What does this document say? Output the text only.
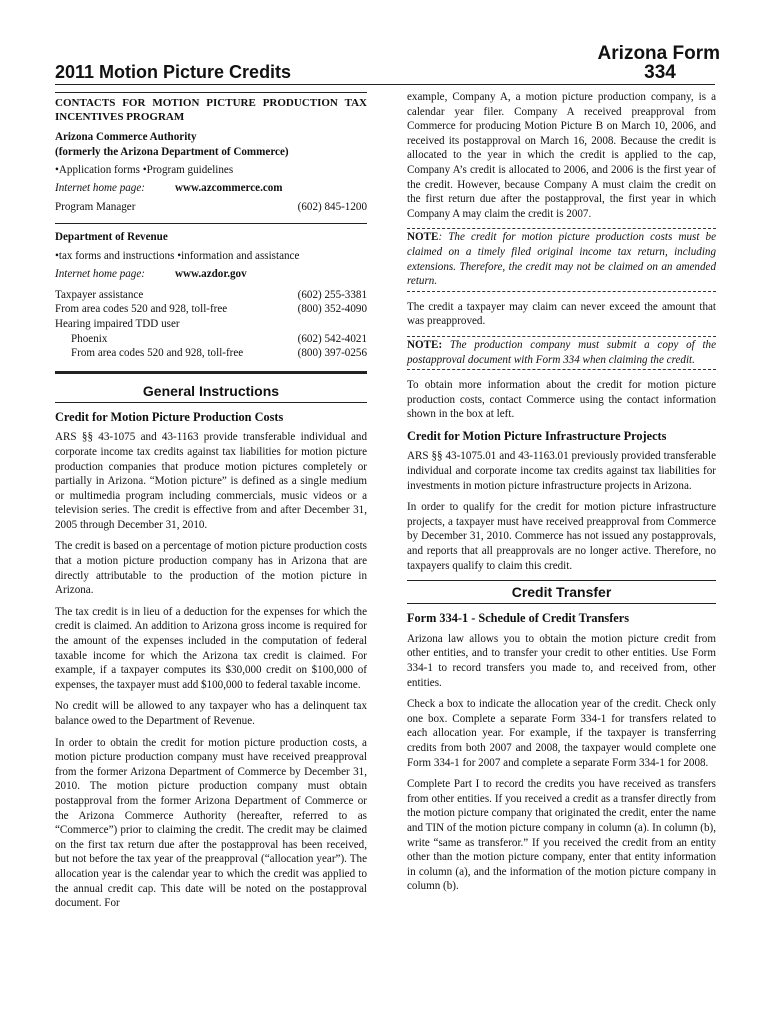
2011 Motion Picture Credits
Arizona Form
334
CONTACTS FOR MOTION PICTURE PRODUCTION TAX INCENTIVES PROGRAM
Arizona Commerce Authority
(formerly the Arizona Department of Commerce)
•Application forms •Program guidelines
Internet home page:	www.azcommerce.com
Program Manager	(602) 845-1200
Department of Revenue
•tax forms and instructions •information and assistance
Internet home page:	www.azdor.gov
Taxpayer assistance	(602) 255-3381
From area codes 520 and 928, toll-free	(800) 352-4090
Hearing impaired TDD user
Phoenix	(602) 542-4021
From area codes 520 and 928, toll-free	(800) 397-0256
General Instructions
Credit for Motion Picture Production Costs

ARS §§ 43-1075 and 43-1163 provide transferable individual and corporate income tax credits against tax liabilities for motion picture production companies that produce motion pictures completely or partially in Arizona. “Motion picture” is defined as a single medium or multimedia program including commercials, music videos or a television series. The credit is effective from and after December 31, 2005 through December 31, 2010.

The credit is based on a percentage of motion picture production costs that a motion picture production company has in Arizona that are directly attributable to the production of the motion picture in Arizona.

The tax credit is in lieu of a deduction for the expenses for which the credit is claimed. An addition to Arizona gross income is required for the amount of the expenses included in the computation of federal taxable income for which the Arizona tax credit is claimed. For example, if a taxpayer computes its $30,000 credit on $100,000 of expenses, the taxpayer must add $100,000 to federal taxable income.

No credit will be allowed to any taxpayer who has a delinquent tax balance owed to the Department of Revenue.

In order to obtain the credit for motion picture production costs, a motion picture production company must have received preapproval from the former Arizona Department of Commerce by December 31, 2010. The motion picture production company must obtain postapproval from the former Arizona Department of Commerce or the Arizona Commerce Authority (hereafter, referred to as “Commerce”) prior to claiming the credit. The credit may be claimed on the first tax return due after the postapproval has been received, but not before the tax year of the preapproval (“allocation year”). The allocation year is the calendar year to which the credit was applied to the annual credit cap. This date will be noted on the postapproval document. For

example, Company A, a motion picture production company, is a calendar year filer. Company A received preapproval from Commerce for producing Motion Picture B on March 10, 2006, and received its postapproval on March 16, 2008. Because the credit is allocated to the year in which the credit is applied to the cap, Company A’s credit is allocated to 2006, and 2006 is the first year of the credit. However, because Company A must claim the credit on the first return due after the postapproval, the first year in which Company A may claim the credit is 2007.

NOTE: The credit for motion picture production costs must be claimed on a timely filed original income tax return, including extensions. Therefore, the credit may not be claimed on an amended return.

The credit a taxpayer may claim can never exceed the amount that was preapproved.

NOTE: The production company must submit a copy of the postapproval document with Form 334 when claiming the credit.

To obtain more information about the credit for motion picture production costs, contact Commerce using the contact information shown in the box at left.

Credit for Motion Picture Infrastructure Projects

ARS §§ 43-1075.01 and 43-1163.01 previously provided transferable individual and corporate income tax credits against tax liabilities for investments in motion picture infrastructure projects in Arizona.

In order to qualify for the credit for motion picture infrastructure projects, a taxpayer must have received preapproval from Commerce by December 31, 2010. Commerce has not issued any postapprovals, and reports that all preapprovals are no longer active. Therefore, no taxpayers qualify to claim this credit.

Credit Transfer
Form 334-1 - Schedule of Credit Transfers

Arizona law allows you to obtain the motion picture credit from other entities, and to transfer your credit to other entities. Use Form 334-1 to record transfers you made to, and received from, other entities.

Check a box to indicate the allocation year of the credit. Check only one box. Complete a separate Form 334-1 for transfers related to each allocation year. For example, if the taxpayer is transferring credits from both 2007 and 2008, the taxpayer would complete one Form 334-1 for 2007 and complete a separate Form 334-1 for 2008.

Complete Part I to record the credits you have received as transfers from other entities. If you received a credit as a transfer directly from the motion picture company that originated the credit, enter the name and TIN of the motion picture company in column (a). In column (b), write “same as transferor.” If you received the credit from an entity other than the motion picture company, enter that entity information in column (a), and the information of the motion picture company in column (b).
